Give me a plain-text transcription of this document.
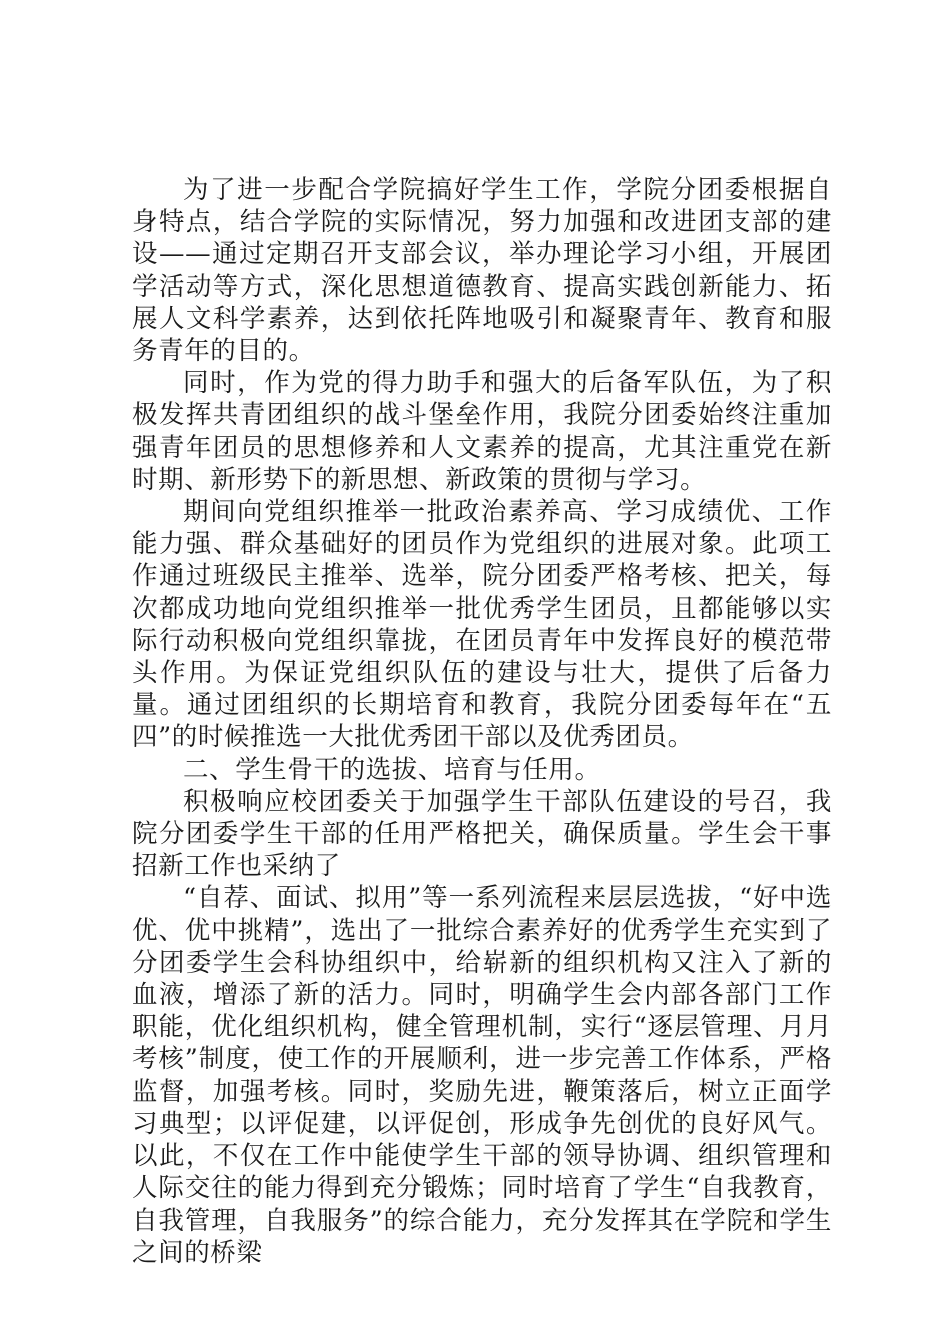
为了进一步配合学院搞好学生工作，学院分团委根据自身特点，结合学院的实际情况，努力加强和改进团支部的建设——通过定期召开支部会议，举办理论学习小组，开展团学活动等方式，深化思想道德教育、提高实践创新能力、拓展人文科学素养，达到依托阵地吸引和凝聚青年、教育和服务青年的目的。

同时，作为党的得力助手和强大的后备军队伍，为了积极发挥共青团组织的战斗堡垒作用，我院分团委始终注重加强青年团员的思想修养和人文素养的提高，尤其注重党在新时期、新形势下的新思想、新政策的贯彻与学习。

期间向党组织推举一批政治素养高、学习成绩优、工作能力强、群众基础好的团员作为党组织的进展对象。此项工作通过班级民主推举、选举，院分团委严格考核、把关，每次都成功地向党组织推举一批优秀学生团员，且都能够以实际行动积极向党组织靠拢，在团员青年中发挥良好的模范带头作用。为保证党组织队伍的建设与壮大，提供了后备力量。通过团组织的长期培育和教育，我院分团委每年在“五四”的时候推选一大批优秀团干部以及优秀团员。

二、学生骨干的选拔、培育与任用。

积极响应校团委关于加强学生干部队伍建设的号召，我院分团委学生干部的任用严格把关，确保质量。学生会干事招新工作也采纳了

“自荐、面试、拟用”等一系列流程来层层选拔，“好中选优、优中挑精”，选出了一批综合素养好的优秀学生充实到了分团委学生会科协组织中，给崭新的组织机构又注入了新的血液，增添了新的活力。同时，明确学生会内部各部门工作职能，优化组织机构，健全管理机制，实行“逐层管理、月月考核”制度，使工作的开展顺利，进一步完善工作体系，严格监督，加强考核。同时，奖励先进，鞭策落后，树立正面学习典型；以评促建，以评促创，形成争先创优的良好风气。以此，不仅在工作中能使学生干部的领导协调、组织管理和人际交往的能力得到充分锻炼；同时培育了学生“自我教育，自我管理，自我服务”的综合能力，充分发挥其在学院和学生之间的桥梁
